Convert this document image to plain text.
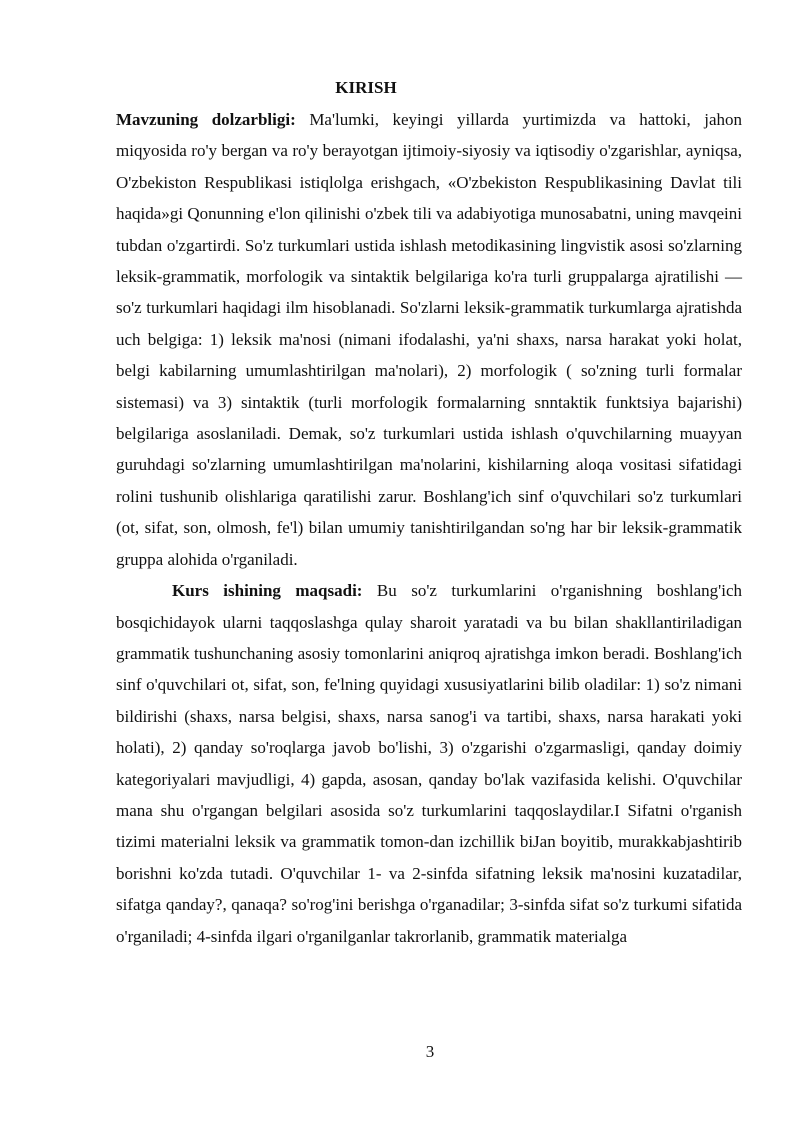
KIRISH

Mavzuning dolzarbligi: Ma'lumki, keyingi yillarda yurtimizda va hattoki, jahon miqyosida ro'y bergan va ro'y berayotgan ijtimoiy-siyosiy va iqtisodiy o'zgarishlar, ayniqsa, O'zbekiston Respublikasi istiqlolga erishgach, «O'zbekiston Respublikasining Davlat tili haqida»gi Qonunning e'lon qilinishi o'zbek tili va adabiyotiga munosabatni, uning mavqeini tubdan o'zgartirdi. So'z turkumlari ustida ishlash metodikasining lingvistik asosi so'zlarning leksik-grammatik, morfologik va sintaktik belgilariga ko'ra turli gruppalarga ajratilishi — so'z turkumlari haqidagi ilm hisoblanadi. So'zlarni leksik-grammatik turkumlarga ajratishda uch belgiga: 1) leksik ma'nosi (nimani ifodalashi, ya'ni shaxs, narsa harakat yoki holat, belgi kabilarning umumlashtirilgan ma'nolari), 2) morfologik ( so'zning turli formalar sistemasi) va 3) sintaktik (turli morfologik formalarning snntaktik funktsiya bajarishi) belgilariga asoslaniladi. Demak, so'z turkumlari ustida ishlash o'quvchilarning muayyan guruhdagi so'zlarning umumlashtirilgan ma'nolarini, kishilarning aloqa vositasi sifatidagi rolini tushunib olishlariga qaratilishi zarur. Boshlang'ich sinf o'quvchilari so'z turkumlari (ot, sifat, son, olmosh, fe'l) bilan umumiy tanishtirilgandan so'ng har bir leksik-grammatik gruppa alohida o'rganiladi.

Kurs ishining maqsadi: Bu so'z turkumlarini o'rganishning boshlang'ich bosqichidayok ularni taqqoslashga qulay sharoit yaratadi va bu bilan shakllantiriladigan grammatik tushunchaning asosiy tomonlarini aniqroq ajratishga imkon beradi. Boshlang'ich sinf o'quvchilari ot, sifat, son, fe'lning quyidagi xususiyatlarini bilib oladilar: 1) so'z nimani bildirishi (shaxs, narsa belgisi, shaxs, narsa sanog'i va tartibi, shaxs, narsa harakati yoki holati), 2) qanday so'roqlarga javob bo'lishi, 3) o'zgarishi o'zgarmasligi, qanday doimiy kategoriyalari mavjudligi, 4) gapda, asosan, qanday bo'lak vazifasida kelishi. O'quvchilar mana shu o'rgangan belgilari asosida so'z turkumlarini taqqoslaydilar.I Sifatni o'rganish tizimi materialni leksik va grammatik tomon-dan izchillik biJan boyitib, murakkabjashtirib borishni ko'zda tutadi. O'quvchilar 1- va 2-sinfda sifatning leksik ma'nosini kuzatadilar, sifatga qanday?, qanaqa? so'rog'ini berishga o'rganadilar; 3-sinfda sifat so'z turkumi sifatida o'rganiladi; 4-sinfda ilgari o'rganilganlar takrorlanib, grammatik materialga

3
